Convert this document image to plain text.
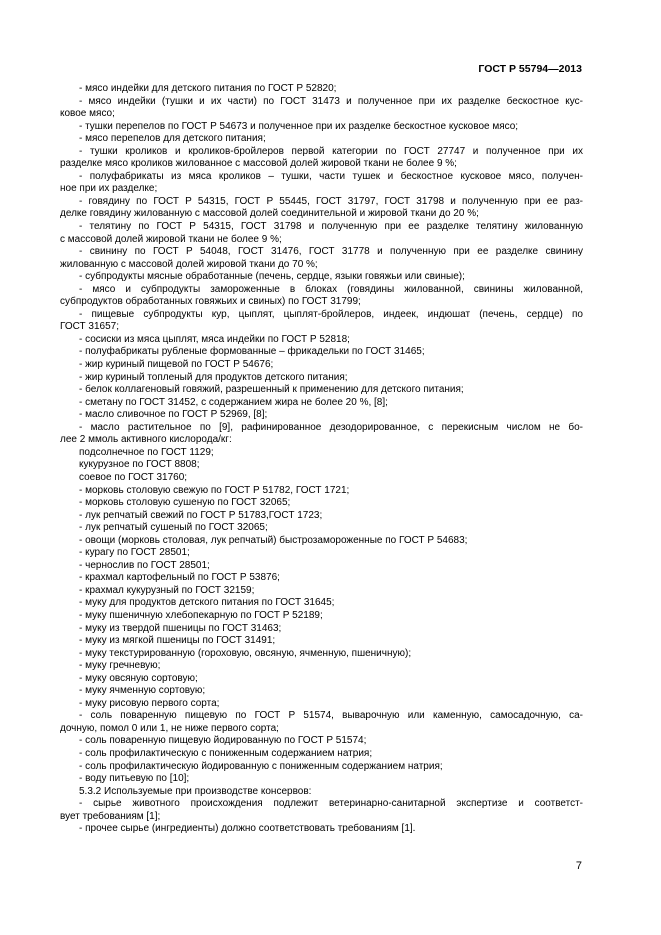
ГОСТ Р 55794—2013
- мясо индейки для детского питания по ГОСТ Р 52820;
- мясо индейки (тушки и их части) по ГОСТ 31473 и полученное при их разделке бескостное кус-
ковое мясо;
- тушки перепелов по ГОСТ Р 54673 и полученное при их разделке бескостное кусковое мясо;
- мясо перепелов для детского питания;
- тушки кроликов и кроликов-бройлеров первой категории по ГОСТ 27747 и полученное при их
разделке мясо кроликов жилованное с массовой долей жировой ткани не более 9 %;
- полуфабрикаты из мяса кроликов – тушки, части тушек и бескостное кусковое мясо, получен-
ное при их разделке;
- говядину по ГОСТ Р 54315, ГОСТ Р 55445, ГОСТ 31797, ГОСТ 31798 и полученную при ее раз-
делке говядину жилованную с массовой долей соединительной и жировой ткани до 20 %;
- телятину по ГОСТ Р 54315, ГОСТ 31798 и полученную при ее разделке телятину жилованную
с массовой долей жировой ткани не более 9 %;
- свинину по ГОСТ Р 54048, ГОСТ 31476, ГОСТ 31778 и полученную при ее разделке свинину
жилованную с массовой долей жировой ткани до 70 %;
- субпродукты мясные обработанные (печень, сердце, языки говяжьи или свиные);
- мясо и субпродукты замороженные в блоках (говядины жилованной, свинины жилованной,
субпродуктов обработанных говяжьих и свиных) по ГОСТ 31799;
- пищевые субпродукты кур, цыплят, цыплят-бройлеров, индеек, индюшат (печень, сердце) по
ГОСТ 31657;
- сосиски из мяса цыплят, мяса индейки по ГОСТ Р 52818;
- полуфабрикаты рубленые формованные – фрикадельки по ГОСТ 31465;
- жир куриный пищевой по ГОСТ Р 54676;
- жир куриный топленый для продуктов детского питания;
- белок коллагеновый говяжий, разрешенный к применению для детского питания;
- сметану по ГОСТ 31452, с содержанием жира не более 20 %, [8];
- масло сливочное по ГОСТ Р 52969, [8];
- масло растительное по [9], рафинированное дезодорированное, с перекисным числом не бо-
лее 2 ммоль активного кислорода/кг:
подсолнечное по ГОСТ 1129;
кукурузное по ГОСТ 8808;
соевое по ГОСТ 31760;
- морковь столовую свежую по ГОСТ Р 51782, ГОСТ 1721;
- морковь столовую сушеную по ГОСТ 32065;
- лук репчатый свежий по ГОСТ Р 51783,ГОСТ 1723;
- лук репчатый сушеный по ГОСТ 32065;
- овощи (морковь столовая, лук репчатый) быстрозамороженные по ГОСТ Р 54683;
- курагу по ГОСТ 28501;
- чернослив по ГОСТ 28501;
- крахмал картофельный по ГОСТ Р 53876;
- крахмал кукурузный по ГОСТ 32159;
- муку для продуктов детского питания по ГОСТ 31645;
- муку пшеничную хлебопекарную по ГОСТ Р 52189;
- муку из твердой пшеницы по ГОСТ 31463;
- муку из мягкой пшеницы по ГОСТ 31491;
- муку текстурированную (гороховую, овсяную, ячменную, пшеничную);
- муку гречневую;
- муку овсяную сортовую;
- муку ячменную сортовую;
- муку рисовую первого сорта;
- соль поваренную пищевую по ГОСТ Р 51574, выварочную или каменную, самосадочную, са-
дочную, помол 0 или 1, не ниже первого сорта;
- соль поваренную пищевую йодированную по ГОСТ Р 51574;
- соль профилактическую с пониженным содержанием натрия;
- соль профилактическую йодированную с пониженным содержанием натрия;
- воду питьевую по [10];
5.3.2 Используемые при производстве консервов:
- сырье животного происхождения подлежит ветеринарно-санитарной экспертизе и соответст-
вует требованиям [1];
- прочее сырье (ингредиенты) должно соответствовать требованиям [1].
7
